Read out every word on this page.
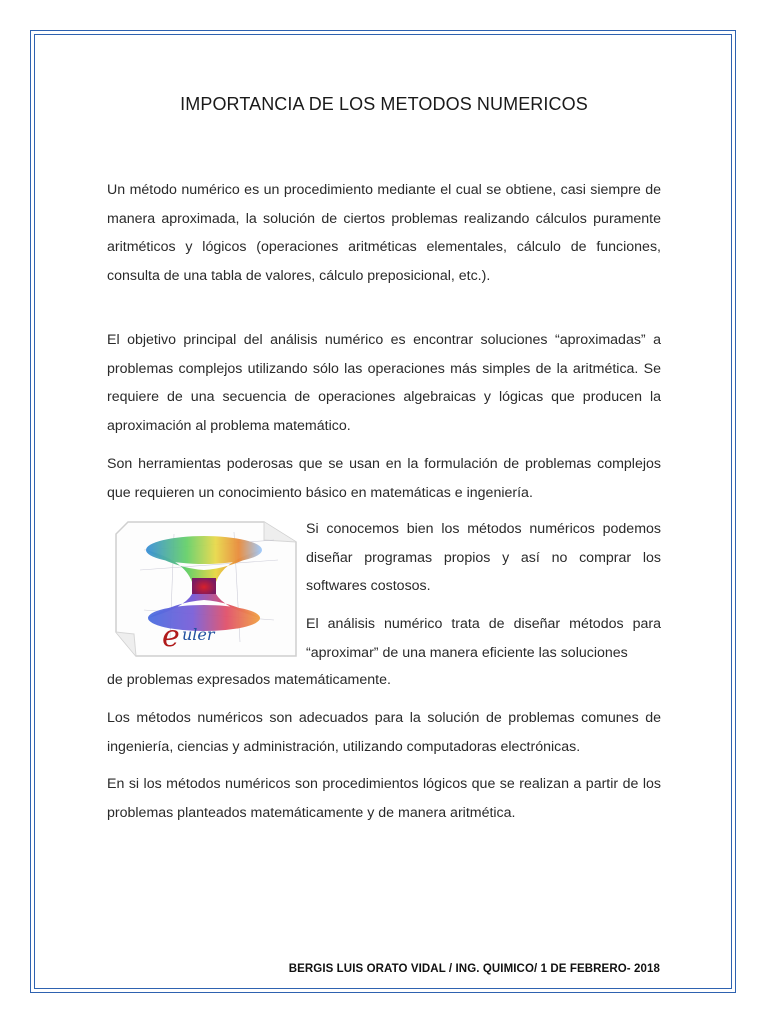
IMPORTANCIA DE LOS METODOS NUMERICOS

Un método numérico es un procedimiento mediante el cual se obtiene, casi siempre de manera aproximada, la solución de ciertos problemas realizando cálculos puramente aritméticos y lógicos (operaciones aritméticas elementales, cálculo de funciones, consulta de una tabla de valores, cálculo preposicional, etc.).

El objetivo principal del análisis numérico es encontrar soluciones “aproximadas” a problemas complejos utilizando sólo las operaciones más simples de la aritmética. Se requiere de una secuencia de operaciones algebraicas y lógicas que producen la aproximación al problema matemático.

Son herramientas poderosas que se usan en la formulación de problemas complejos que requieren un conocimiento básico en matemáticas e ingeniería.

e uler

Si conocemos bien los métodos numéricos podemos diseñar programas propios y así no comprar los softwares costosos.

El análisis numérico trata de diseñar métodos para “aproximar” de una manera eficiente las soluciones

de problemas expresados matemáticamente.

Los métodos numéricos son adecuados para la solución de problemas comunes de ingeniería, ciencias y administración, utilizando computadoras electrónicas.

En si los métodos numéricos son procedimientos lógicos que se realizan a partir de los problemas planteados matemáticamente y de manera aritmética.

BERGIS LUIS ORATO VIDAL / ING. QUIMICO/ 1 DE FEBRERO- 2018
